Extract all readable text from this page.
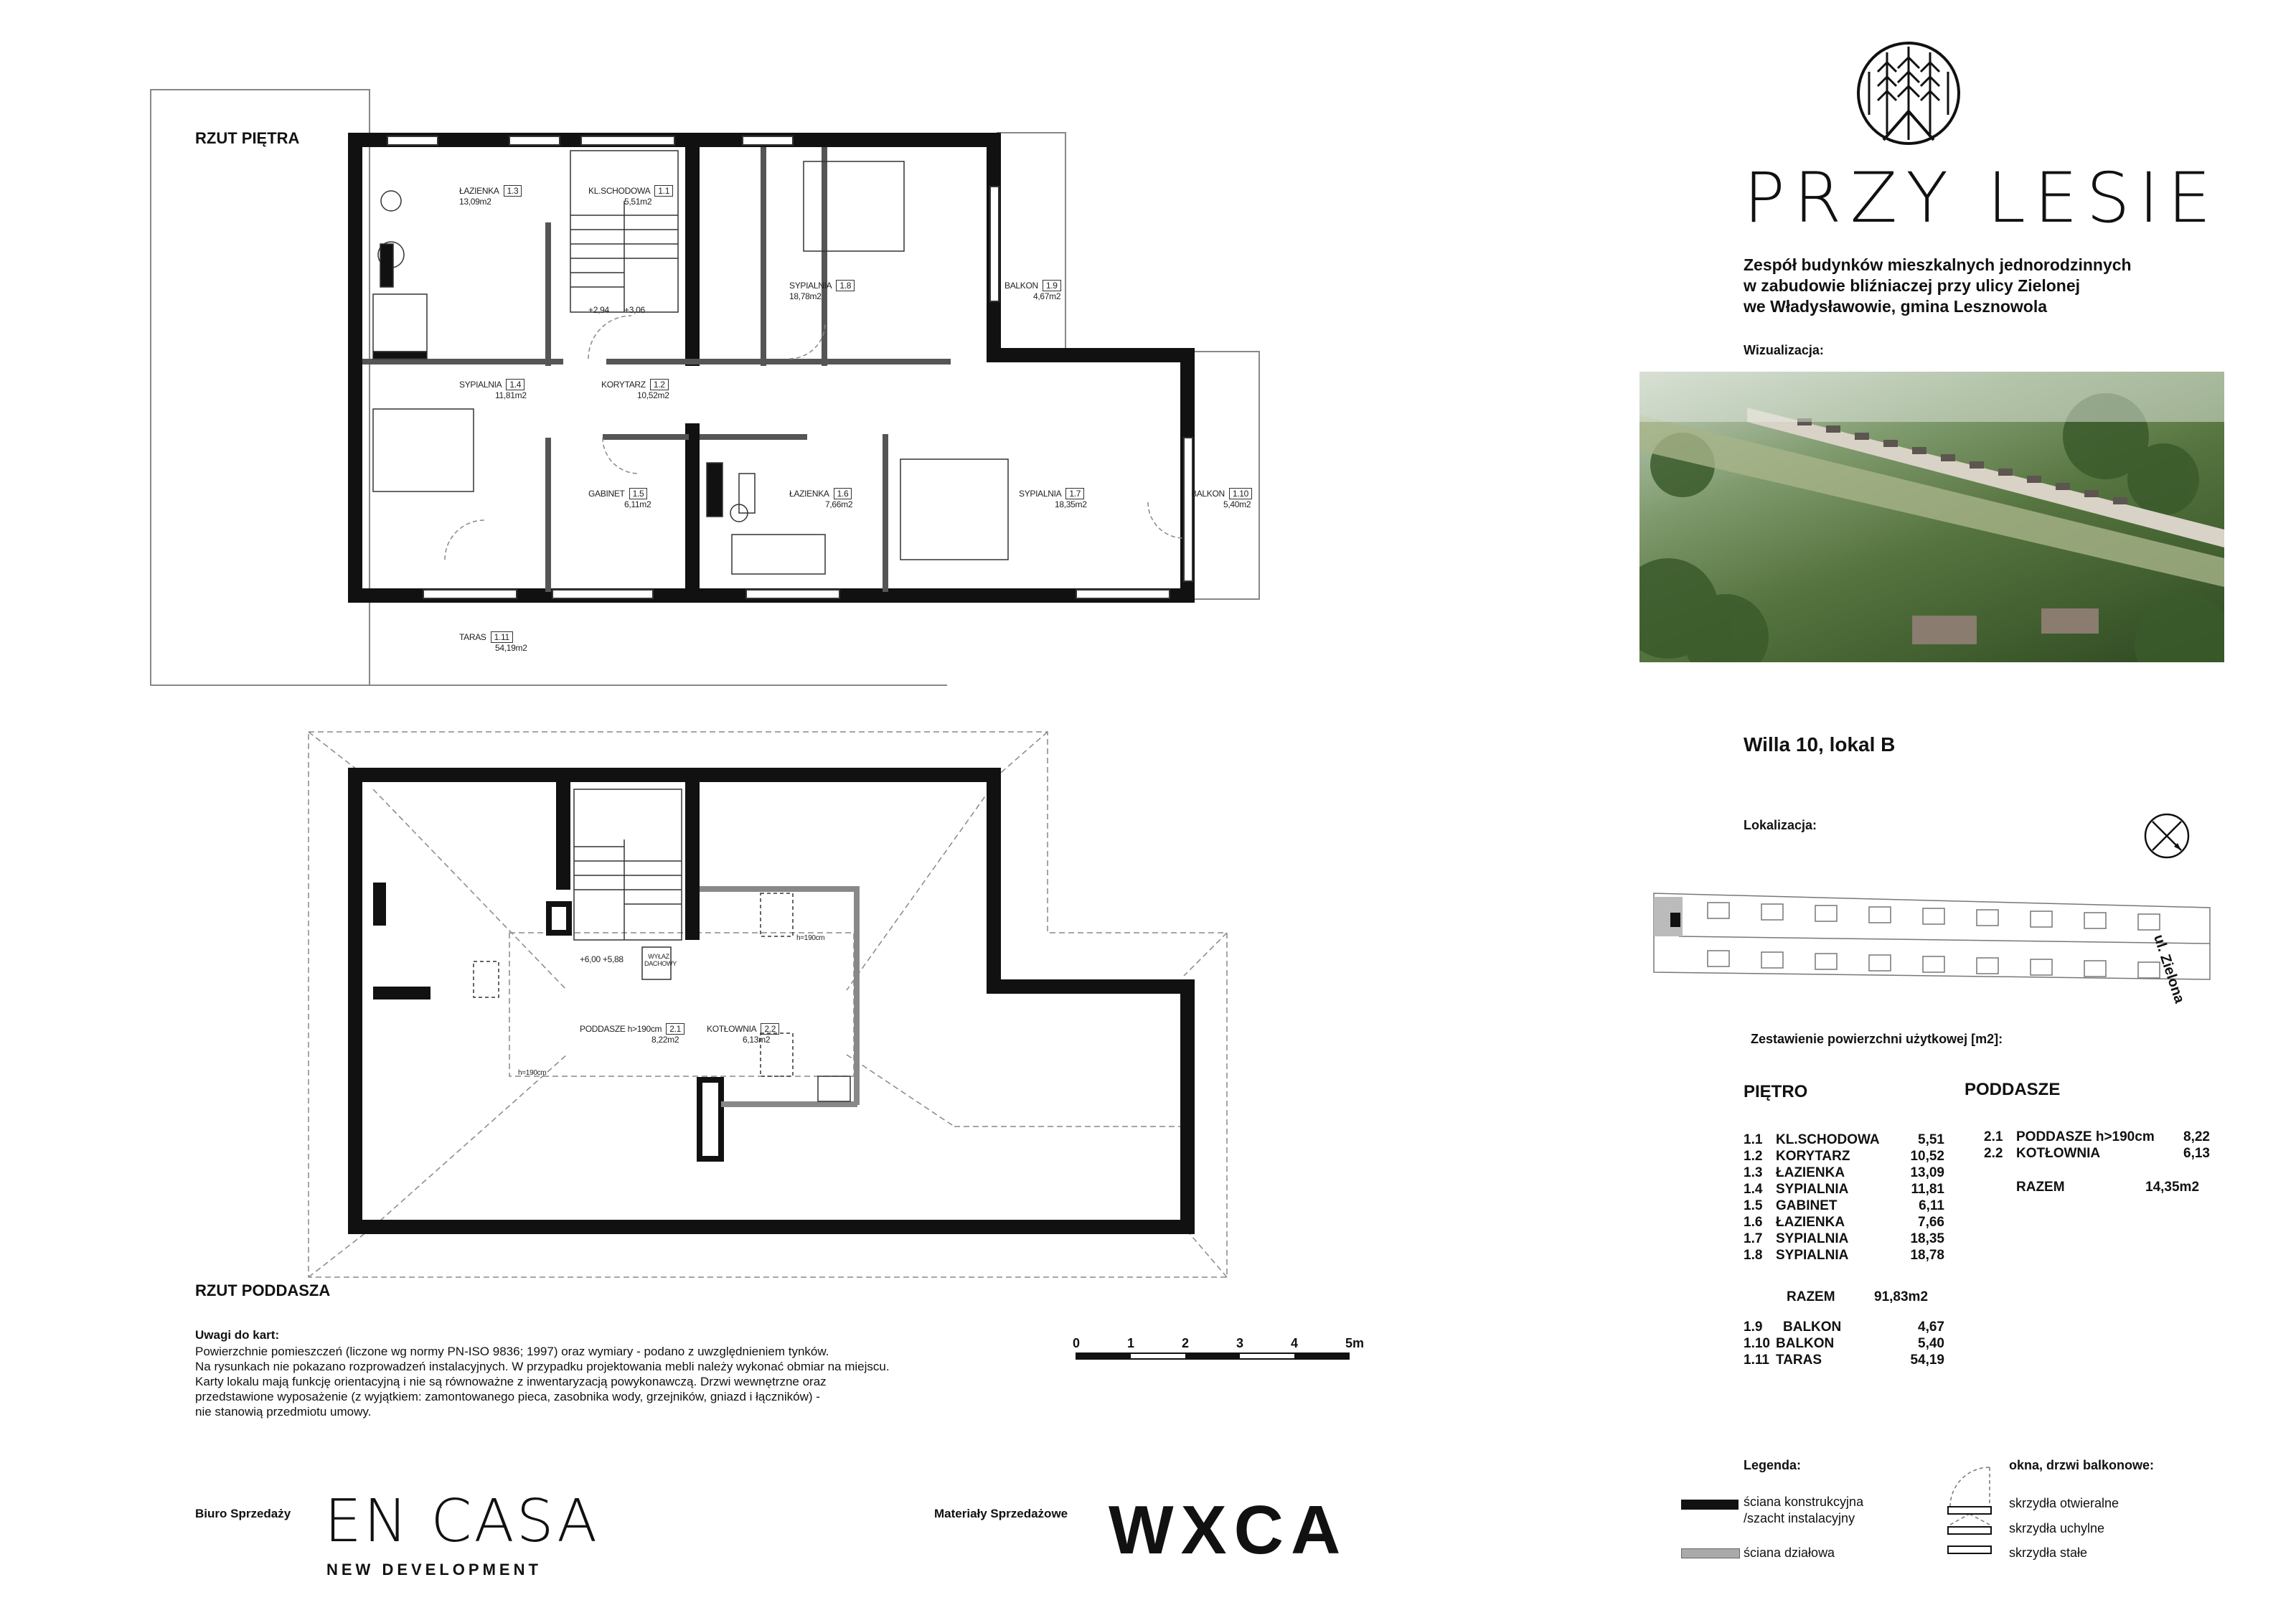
RZUT PIĘTRA
ŁAZIENKA 1.3
13,09m2
KL.SCHODOWA 1.1
5,51m2
SYPIALNIA 1.8
18,78m2
BALKON 1.9
4,67m2
SYPIALNIA 1.4
11,81m2
KORYTARZ 1.2
10,52m2
GABINET 1.5
6,11m2
ŁAZIENKA 1.6
7,66m2
SYPIALNIA 1.7
18,35m2
BALKON 1.10
5,40m2
TARAS 1.11
54,19m2
+2,94 +3,06
PODDASZE h>190cm 2.1
8,22m2
KOTŁOWNIA 2.2
6,13m2
+6,00 +5,88	WYŁAZ DACHOWY
h=190cm
h=190cm
RZUT PODDASZA
Uwagi do kart:
Powierzchnie pomieszczeń (liczone wg normy PN-ISO 9836; 1997) oraz wymiary - podano z uwzględnieniem tynków.
Na rysunkach nie pokazano rozprowadzeń instalacyjnych. W przypadku projektowania mebli należy wykonać obmiar na miejscu.
Karty lokalu mają funkcję orientacyjną i nie są równoważne z inwentaryzacją powykonawczą. Drzwi wewnętrzne oraz
przedstawione wyposażenie (z wyjątkiem: zamontowanego pieca, zasobnika wody, grzejników, gniazd i łączników) -
nie stanowią przedmiotu umowy.
0	1	2	3	4	5m
Biuro Sprzedaży EN CASA
NEW DEVELOPMENT
Materiały Sprzedażowe WXCA
PRZY LESIE
Zespół budynków mieszkalnych jednorodzinnych
w zabudowie bliźniaczej przy ulicy Zielonej
we Władysławowie, gmina Lesznowola
Wizualizacja:
Willa 10, lokal B
Lokalizacja:
ul. Zielona
Zestawienie powierzchni użytkowej [m2]:
PIĘTRO	PODDASZE
1.1 KL.SCHODOWA	5,51
1.2 KORYTARZ	10,52
1.3 ŁAZIENKA	13,09
1.4 SYPIALNIA	11,81
1.5 GABINET	6,11
1.6 ŁAZIENKA	7,66
1.7 SYPIALNIA	18,35
1.8 SYPIALNIA	18,78
RAZEM	91,83m2
1.9 BALKON	4,67
1.10 BALKON	5,40
1.11 TARAS	54,19
2.1 PODDASZE h>190cm 8,22
2.2 KOTŁOWNIA	6,13
RAZEM	14,35m2
Legenda:
ściana konstrukcyjna
/szacht instalacyjny
ściana działowa
okna, drzwi balkonowe:
skrzydła otwieralne
skrzydła uchylne
skrzydła stałe
